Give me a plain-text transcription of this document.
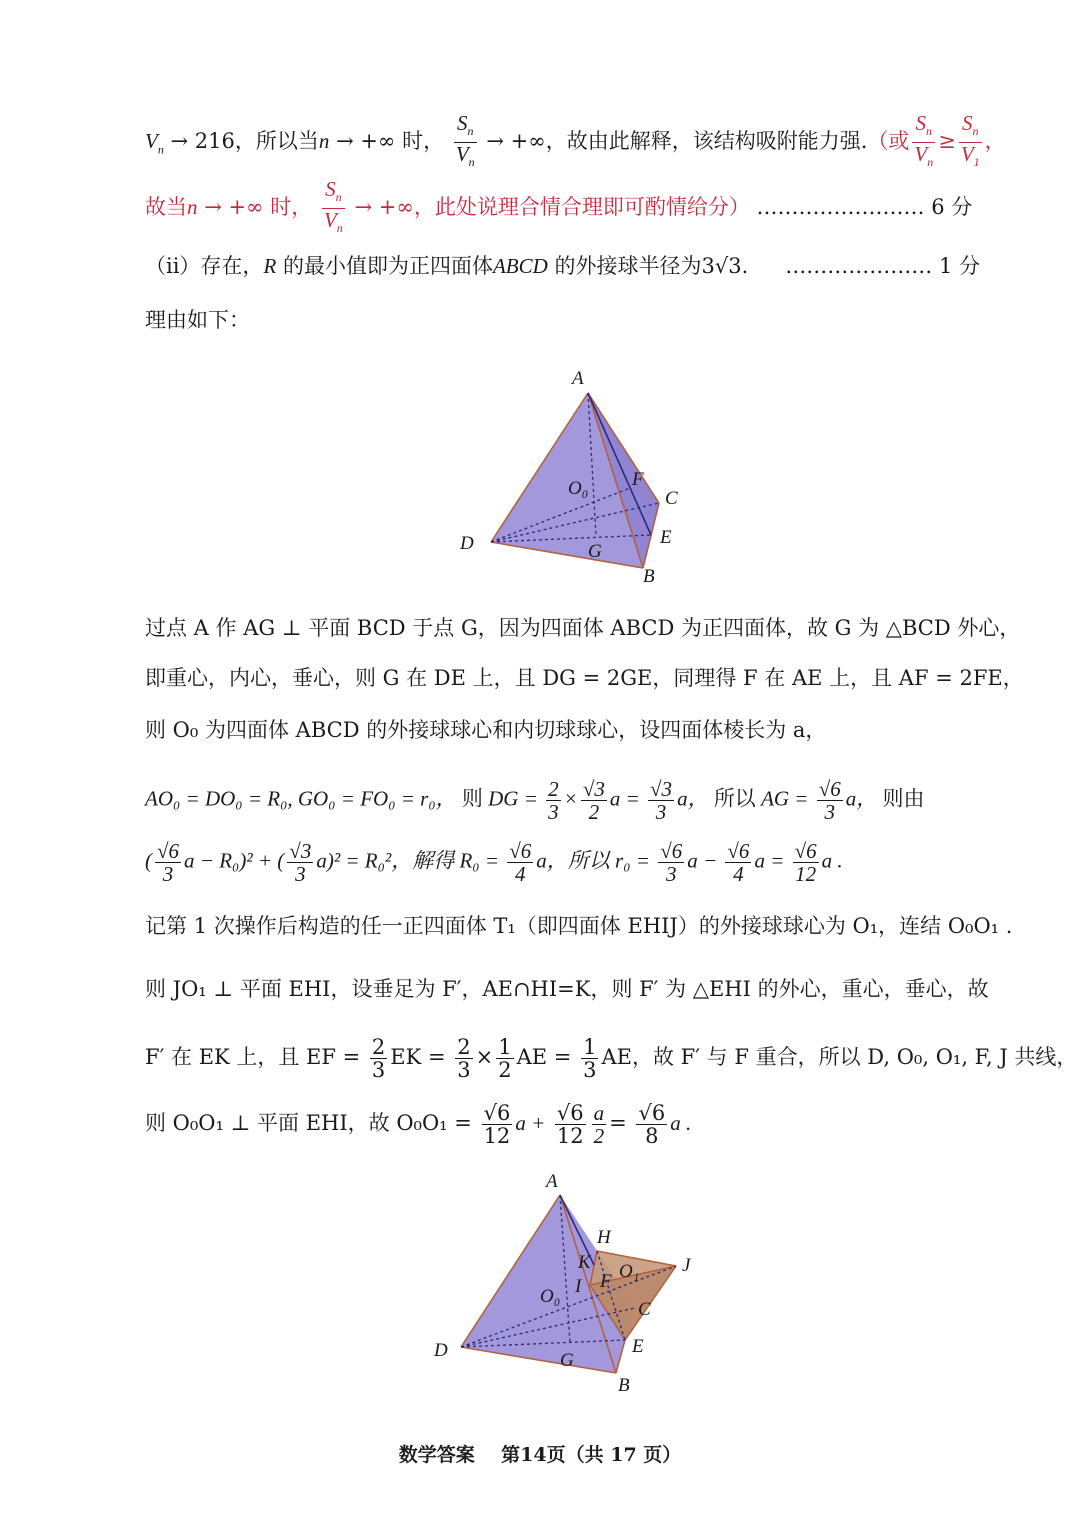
$V_n \to 216$，所以当n → +∞ 时， $\frac{S_n}{V_n}$ → +∞，故由此解释，该结构吸附能力强.（或 $\frac{S_n}{V_n} \ge \frac{S_n}{V_1}$ ，
故当n → +∞ 时， $\frac{S_n}{V_n}$ → +∞，此处说理合情合理即可酌情给分） …………………… 6 分
（ii）存在，R 的最小值即为正四面体ABCD 的外接球半径为3√3. ………………… 1 分
理由如下：
A
B
C
D	E
F
G
O₀
过点 A 作 AG ⊥ 平面 BCD 于点 G，因为四面体 ABCD 为正四面体，故 G 为 △BCD 外心，
即重心，内心，垂心，则 G 在 DE 上，且 DG = 2GE，同理得 F 在 AE 上，且 AF = 2FE，
则 O₀ 为四面体 ABCD 的外接球球心和内切球球心，设四面体棱长为 a，
AO₀ = DO₀ = R₀, GO₀ = FO₀ = r₀， 则 DG = $\frac{2}{3} \times \frac{√3}{2}$ $a = \frac{√3}{3}$ a， 所以 AG = $\frac{√6}{3}$ a， 则由
( $\frac{√6}{3}$ a − R₀)² + ( $\frac{√3}{3} a)^2 = R_0^2$，解得 $R_0 = \frac{√6}{4}$ a，所以 $r_0 = \frac{√6}{3}$ $a - \frac{√6}{4}$ $a = \frac{√6}{12}$ a .
记第 1 次操作后构造的任一正四面体 T₁（即四面体 EHIJ）的外接球球心为 O₁，连结 O₀O₁ .
则 JO₁ ⊥ 平面 EHI，设垂足为 F′，AE∩HI=K，则 F′ 为 △EHI 的外心，重心，垂心，故
F′ 在 EK 上，且 EF = $\frac{2}{3}$ EK = $\frac{2}{3} \times \frac{1}{2}$ AE = $\frac{1}{3}$ AE，故 F′ 与 F 重合，所以 D, O₀, O₁, F, J 共线，
则 O₀O₁ ⊥ 平面 EHI，故 $O_0O_1 = \frac{√6}{12}$ $a + \frac{√6}{12} \frac{a}{2} = \frac{√6}{8}$ a .
A
B
C
D	E
F
G
H
I
J
K
O₀
O₁
数学答案 第14页（共 17 页）
